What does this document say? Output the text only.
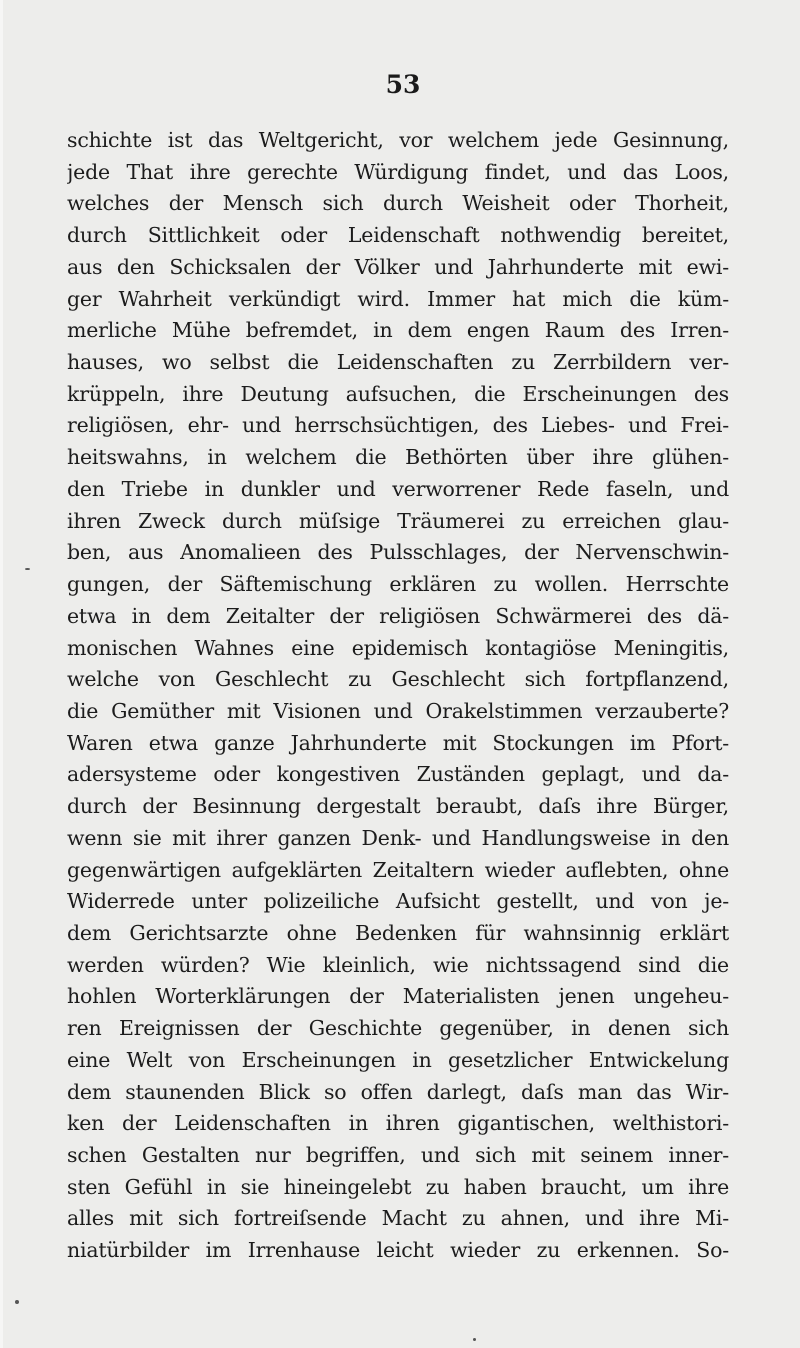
53
schichte ist das Weltgericht, vor welchem jede Gesinnung,
jede That ihre gerechte Würdigung findet, und das Loos,
welches der Mensch sich durch Weisheit oder Thorheit,
durch Sittlichkeit oder Leidenschaft nothwendig bereitet,
aus den Schicksalen der Völker und Jahrhunderte mit ewi-
ger Wahrheit verkündigt wird. Immer hat mich die küm-
merliche Mühe befremdet, in dem engen Raum des Irren-
hauses, wo selbst die Leidenschaften zu Zerrbildern ver-
krüppeln, ihre Deutung aufsuchen, die Erscheinungen des
religiösen, ehr- und herrschsüchtigen, des Liebes- und Frei-
heitswahns, in welchem die Bethörten über ihre glühen-
den Triebe in dunkler und verworrener Rede faseln, und
ihren Zweck durch müſsige Träumerei zu erreichen glau-
ben, aus Anomalieen des Pulsschlages, der Nervenschwin-
gungen, der Säftemischung erklären zu wollen. Herrschte
etwa in dem Zeitalter der religiösen Schwärmerei des dä-
monischen Wahnes eine epidemisch kontagiöse Meningitis,
welche von Geschlecht zu Geschlecht sich fortpflanzend,
die Gemüther mit Visionen und Orakelstimmen verzauberte?
Waren etwa ganze Jahrhunderte mit Stockungen im Pfort-
adersysteme oder kongestiven Zuständen geplagt, und da-
durch der Besinnung dergestalt beraubt, daſs ihre Bürger,
wenn sie mit ihrer ganzen Denk- und Handlungsweise in den
gegenwärtigen aufgeklärten Zeitaltern wieder auflebten, ohne
Widerrede unter polizeiliche Aufsicht gestellt, und von je-
dem Gerichtsarzte ohne Bedenken für wahnsinnig erklärt
werden würden? Wie kleinlich, wie nichtssagend sind die
hohlen Worterklärungen der Materialisten jenen ungeheu-
ren Ereignissen der Geschichte gegenüber, in denen sich
eine Welt von Erscheinungen in gesetzlicher Entwickelung
dem staunenden Blick so offen darlegt, daſs man das Wir-
ken der Leidenschaften in ihren gigantischen, welthistori-
schen Gestalten nur begriffen, und sich mit seinem inner-
sten Gefühl in sie hineingelebt zu haben braucht, um ihre
alles mit sich fortreiſsende Macht zu ahnen, und ihre Mi-
niatürbilder im Irrenhause leicht wieder zu erkennen. So-
